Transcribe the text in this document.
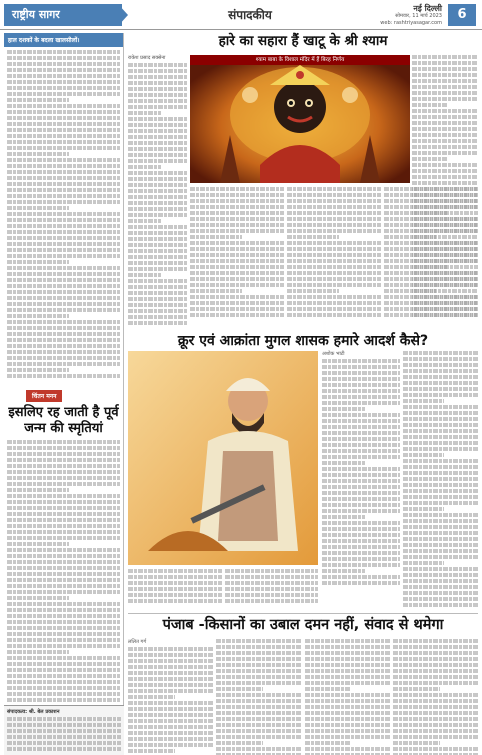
राष्ट्रीय सागर	संपादकीय	नई दिल्ली
सोमवार, 11 मार्च 2023
web: rashtriyasagar.com
6
हाल दशकों के बदला खालसीलों।
चिंतन मनन
इसलिए रह जाती है पूर्व जन्म की स्मृतियां
संपादकत्व: श्री. बेल प्रकाशन
हारे का सहारा हैं खाटू के श्री श्याम
राकेश प्रसाद सक्सेना	श्याम बाबा के विशाल मंदिर में हैं बिरह निर्णय
क्रूर एवं आक्रांता मुगल शासक हमारे आदर्श कैसे?
अशोक भाटी
पंजाब -किसानों का उबाल दमन नहीं, संवाद से थमेगा
ललित गर्ग
